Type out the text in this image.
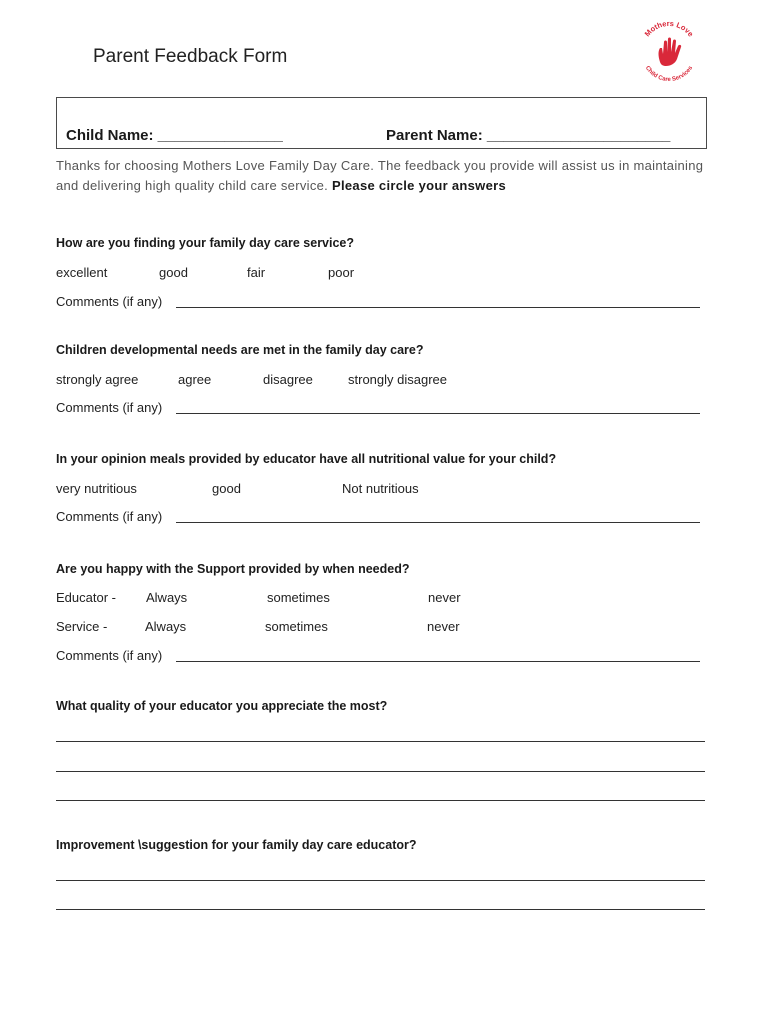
Parent Feedback Form
Mothers Love
Child Care Services
Child Name: _______________	Parent Name: ______________________
Thanks for choosing Mothers Love Family Day Care. The feedback you provide will assist us in maintaining and delivering high quality child care service. Please circle your answers
How are you finding your family day care service?
excellent	good	fair	poor
Comments (if any)
Children developmental needs are met in the family day care?
strongly agree	agree	disagree	strongly disagree
Comments (if any)
In your opinion meals provided by educator have all nutritional value for your child?
very nutritious	good	Not nutritious
Comments (if any)
Are you happy with the Support provided by when needed?
Educator - Always	sometimes	never
Service -	Always	sometimes	never
Comments (if any)
What quality of your educator you appreciate the most?
Improvement \suggestion for your family day care educator?
